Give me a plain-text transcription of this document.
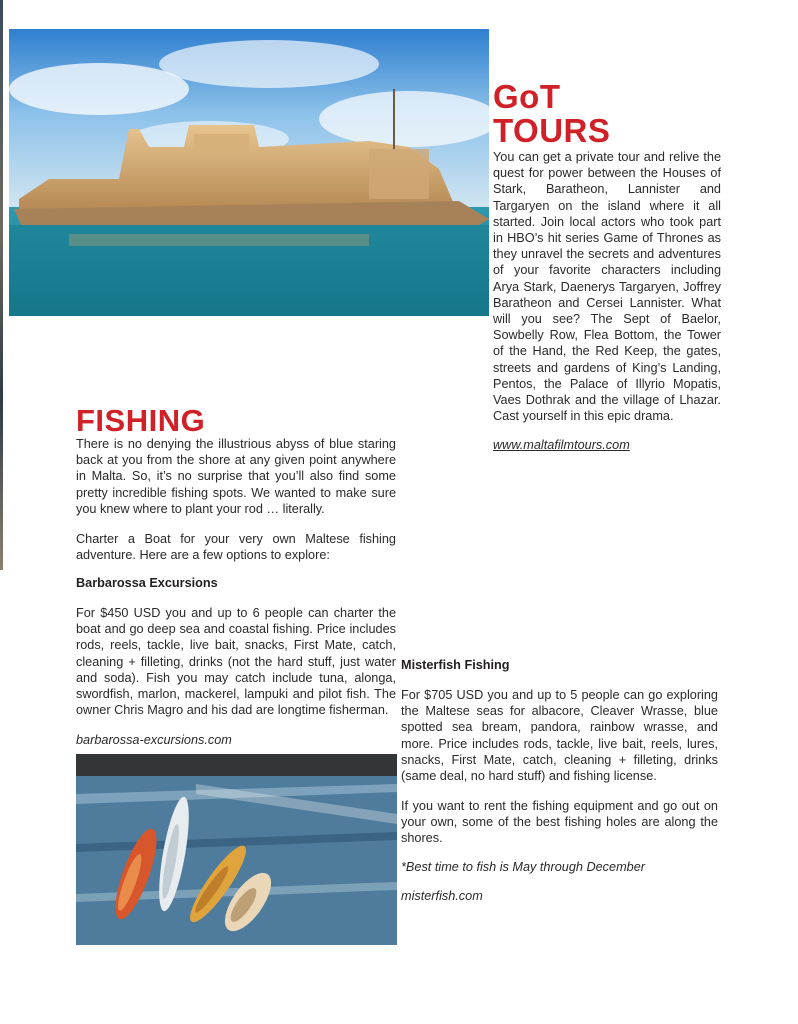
GoT
TOURS

You can get a private tour and relive the quest for power between the Houses of Stark, Baratheon, Lannister and Targaryen on the island where it all started. Join local actors who took part in HBO’s hit series Game of Thrones as they unravel the secrets and adventures of your favorite characters including Arya Stark, Daenerys Targaryen, Joffrey Baratheon and Cersei Lannister. What will you see? The Sept of Baelor, Sowbelly Row, Flea Bottom, the Tower of the Hand, the Red Keep, the gates, streets and gardens of King’s Landing, Pentos, the Palace of Illyrio Mopatis, Vaes Dothrak and the village of Lhazar. Cast yourself in this epic drama.

www.maltafilmtours.com
FISHING

There is no denying the illustrious abyss of blue staring back at you from the shore at any given point anywhere in Malta. So, it’s no surprise that you’ll also find some pretty incredible fishing spots. We wanted to make sure you knew where to plant your rod … literally.

Charter a Boat for your very own Maltese fishing adventure. Here are a few options to explore:

Barbarossa Excursions

For $450 USD you and up to 6 people can charter the boat and go deep sea and coastal fishing. Price includes rods, reels, tackle, live bait, snacks, First Mate, catch, cleaning + filleting, drinks (not the hard stuff, just water and soda). Fish you may catch include tuna, alonga, swordfish, marlon, mackerel, lampuki and pilot fish. The owner Chris Magro and his dad are longtime fisherman.

barbarossa-excursions.com
Misterfish Fishing

For $705 USD you and up to 5 people can go exploring the Maltese seas for albacore, Cleaver Wrasse, blue spotted sea bream, pandora, rainbow wrasse, and more. Price includes rods, tackle, live bait, reels, lures, snacks, First Mate, catch, cleaning + filleting, drinks (same deal, no hard stuff) and fishing license.

If you want to rent the fishing equipment and go out on your own, some of the best fishing holes are along the shores.

*Best time to fish is May through December

misterfish.com
